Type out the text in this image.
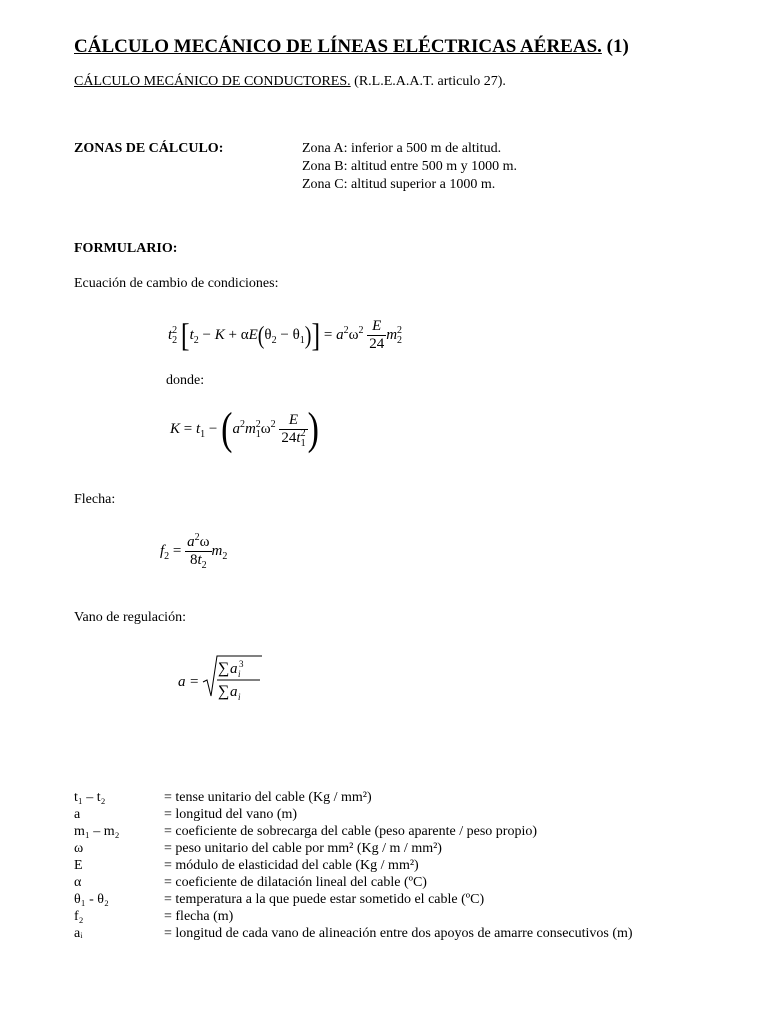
CÁLCULO MECÁNICO DE LÍNEAS ELÉCTRICAS AÉREAS. (1)
CÁLCULO MECÁNICO DE CONDUCTORES. (R.L.E.A.A.T. articulo 27).
ZONAS DE CÁLCULO:	Zona A: inferior a 500 m de altitud.
Zona B: altitud entre 500 m y 1000 m.
Zona C: altitud superior a 1000 m.
FORMULARIO:
Ecuación de cambio de condiciones:
$t_2^2$ $[t_2 - K + \alpha E(\theta_2 - \theta_1)] = a^2\omega^2 \frac{E}{24} m_2^2$
donde:
$K = t_1 - (a^2m_1^2\omega^2 \frac{E}{24t_1^2}$ )
Flecha:
$f_2 = \frac{a^2\omega}{8t_2} m_2$
Vano de regulación:
a =
∑ a i
3
∑ a i
t₁ – t₂	= tense unitario del cable (Kg / mm²)
a	= longitud del vano (m)
m₁ – m₂	= coeficiente de sobrecarga del cable (peso aparente / peso propio)
ω	= peso unitario del cable por mm² (Kg / m / mm²)
E	= módulo de elasticidad del cable (Kg / mm²)
α	= coeficiente de dilatación lineal del cable (ºC)
θ₁ - θ₂	= temperatura a la que puede estar sometido el cable (ºC)
f₂	= flecha (m)
aᵢ	= longitud de cada vano de alineación entre dos apoyos de amarre consecutivos (m)
